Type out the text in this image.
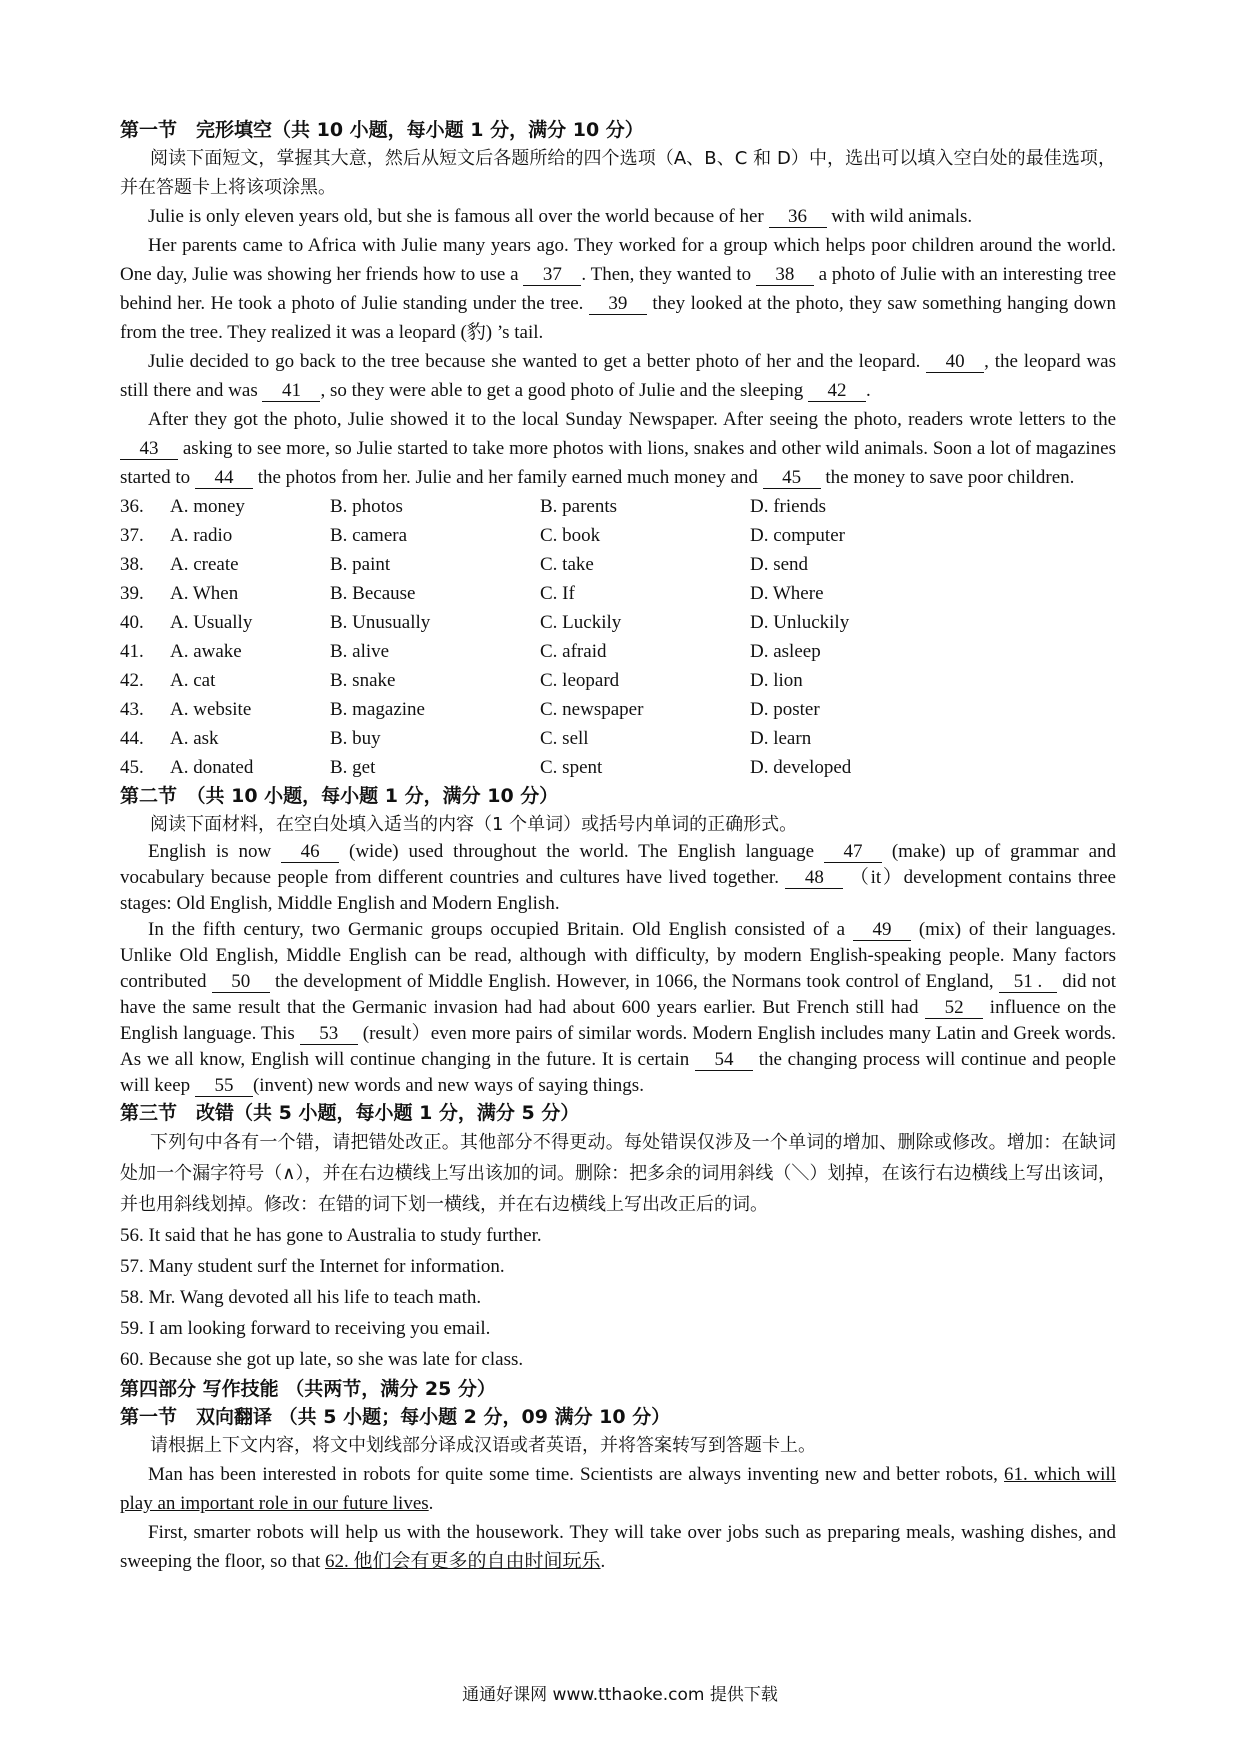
第一节　完形填空（共 10 小题，每小题 1 分，满分 10 分）

阅读下面短文，掌握其大意，然后从短文后各题所给的四个选项（A、B、C 和 D）中，选出可以填入空白处的最佳选项，并在答题卡上将该项涂黑。

Julie is only eleven years old, but she is famous all over the world because of her 36 with wild animals.

Her parents came to Africa with Julie many years ago. They worked for a group which helps poor children around the world. One day, Julie was showing her friends how to use a 37 . Then, they wanted to 38 a photo of Julie with an interesting tree behind her. He took a photo of Julie standing under the tree. 39 they looked at the photo, they saw something hanging down from the tree. They realized it was a leopard (豹) ’s tail.

Julie decided to go back to the tree because she wanted to get a better photo of her and the leopard. 40 , the leopard was still there and was 41 , so they were able to get a good photo of Julie and the sleeping 42 .

After they got the photo, Julie showed it to the local Sunday Newspaper. After seeing the photo, readers wrote letters to the 43 asking to see more, so Julie started to take more photos with lions, snakes and other wild animals. Soon a lot of magazines started to 44 the photos from her. Julie and her family earned much money and 45 the money to save poor children.

36.	A. money	B. photos	B. parents	D. friends
37.	A. radio	B. camera	C. book	D. computer
38.	A. create	B. paint	C. take	D. send
39.	A. When	B. Because	C. If	D. Where
40.	A. Usually	B. Unusually	C. Luckily	D. Unluckily
41.	A. awake	B. alive	C. afraid	D. asleep
42.	A. cat	B. snake	C. leopard	D. lion
43.	A. website	B. magazine	C. newspaper	D. poster
44.	A. ask	B. buy	C. sell	D. learn
45.	A. donated	B. get	C. spent	D. developed

第二节　（共 10 小题，每小题 1 分，满分 10 分）

阅读下面材料，在空白处填入适当的内容（1 个单词）或括号内单词的正确形式。

English is now 46 (wide) used throughout the world. The English language 47 (make) up of grammar and vocabulary because people from different countries and cultures have lived together. 48 （it）development contains three stages: Old English, Middle English and Modern English.

In the fifth century, two Germanic groups occupied Britain. Old English consisted of a 49 (mix) of their languages. Unlike Old English, Middle English can be read, although with difficulty, by modern English-speaking people. Many factors contributed 50 the development of Middle English. However, in 1066, the Normans took control of England, 51 . did not have the same result that the Germanic invasion had had about 600 years earlier. But French still had 52 influence on the English language. This 53 (result）even more pairs of similar words. Modern English includes many Latin and Greek words. As we all know, English will continue changing in the future. It is certain 54 the changing process will continue and people will keep 55 (invent) new words and new ways of saying things.

第三节　改错（共 5 小题，每小题 1 分，满分 5 分）

下列句中各有一个错，请把错处改正。其他部分不得更动。每处错误仅涉及一个单词的增加、删除或修改。增加：在缺词处加一个漏字符号（∧），并在右边横线上写出该加的词。删除：把多余的词用斜线（＼）划掉，在该行右边横线上写出该词，并也用斜线划掉。修改：在错的词下划一横线，并在右边横线上写出改正后的词。

56. It said that he has gone to Australia to study further.

57. Many student surf the Internet for information.

58. Mr. Wang devoted all his life to teach math.

59. I am looking forward to receiving you email.

60. Because she got up late, so she was late for class.

第四部分 写作技能 （共两节，满分 25 分）

第一节　双向翻译 （共 5 小题；每小题 2 分，09 满分 10 分）

请根据上下文内容，将文中划线部分译成汉语或者英语，并将答案转写到答题卡上。

Man has been interested in robots for quite some time. Scientists are always inventing new and better robots, 61. which will play an important role in our future lives.

First, smarter robots will help us with the housework. They will take over jobs such as preparing meals, washing dishes, and sweeping the floor, so that 62. 他们会有更多的自由时间玩乐.

通通好课网 www.tthaoke.com 提供下载
